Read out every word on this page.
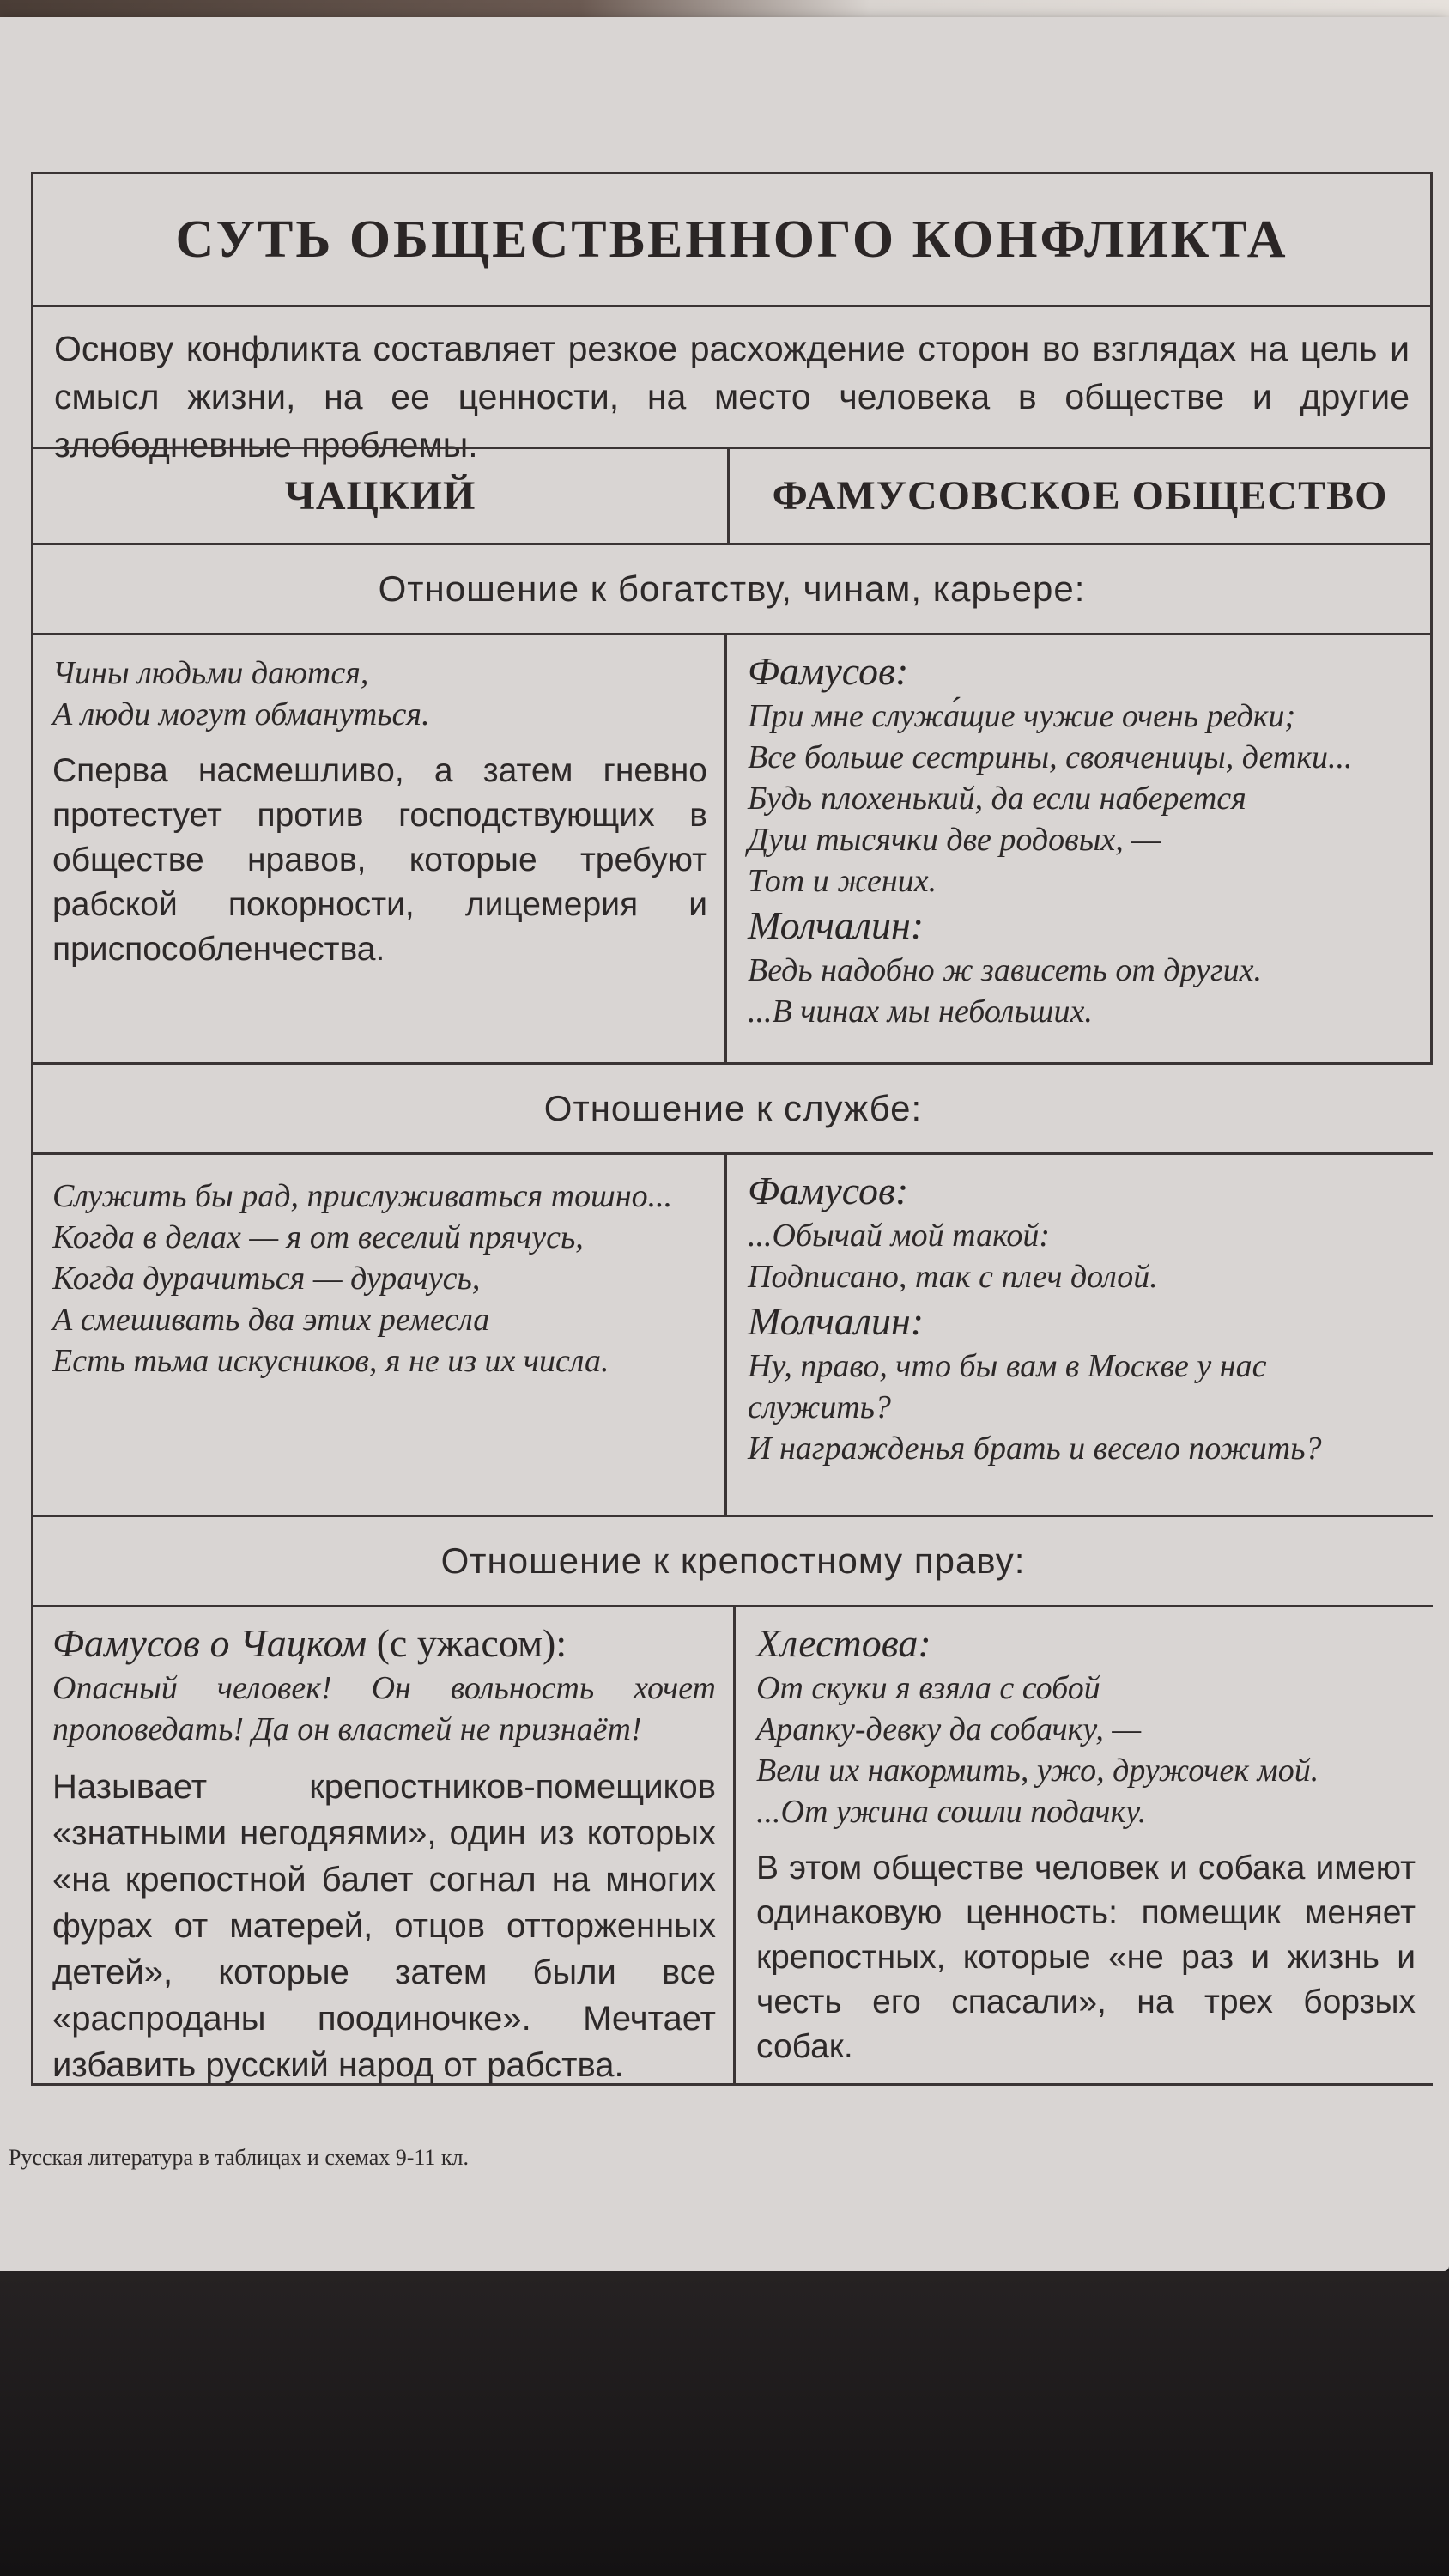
СУТЬ ОБЩЕСТВЕННОГО КОНФЛИКТА
Основу конфликта составляет резкое расхождение сторон во взглядах на цель и смысл жизни, на ее ценности, на место человека в обществе и другие злободневные проблемы.
ЧАЦКИЙ	ФАМУСОВСКОЕ ОБЩЕСТВО
Отношение к богатству, чинам, карьере:
Чины людьми даются,
А люди могут обмануться.
Сперва насмешливо, а затем гневно протестует против господствующих в обществе нравов, которые требуют рабской покорности, лицемерия и приспособленчества.
Фамусов:
При мне служа́щие чужие очень редки;
Все больше сестрины, свояченицы, детки...
Будь плохенький, да если наберется
Душ тысячки две родовых, —
Тот и жених.
Молчалин:
Ведь надобно ж зависеть от других.
...В чинах мы небольших.
Отношение к службе:
Служить бы рад, прислуживаться тошно...
Когда в делах — я от веселий прячусь,
Когда дурачиться — дурачусь,
А смешивать два этих ремесла
Есть тьма искусников, я не из их числа.
Фамусов:
...Обычай мой такой:
Подписано, так с плеч долой.
Молчалин:
Ну, право, что бы вам в Москве у нас служить?
И награжденья брать и весело пожить?
Отношение к крепостному праву:
Фамусов о Чацком (с ужасом):
Опасный человек! Он вольность хочет проповедать! Да он властей не признаёт!
Называет крепостников-помещиков «знатными негодяями», один из которых «на крепостной балет согнал на многих фурах от матерей, отцов отторженных детей», которые затем были все «распроданы поодиночке». Мечтает избавить русский народ от рабства.
Хлестова:
От скуки я взяла с собой
Арапку-девку да собачку, —
Вели их накормить, ужо, дружочек мой.
...От ужина сошли подачку.
В этом обществе человек и собака имеют одинаковую ценность: помещик меняет крепостных, которые «не раз и жизнь и честь его спасали», на трех борзых собак.
Русская литература в таблицах и схемах 9-11 кл.
